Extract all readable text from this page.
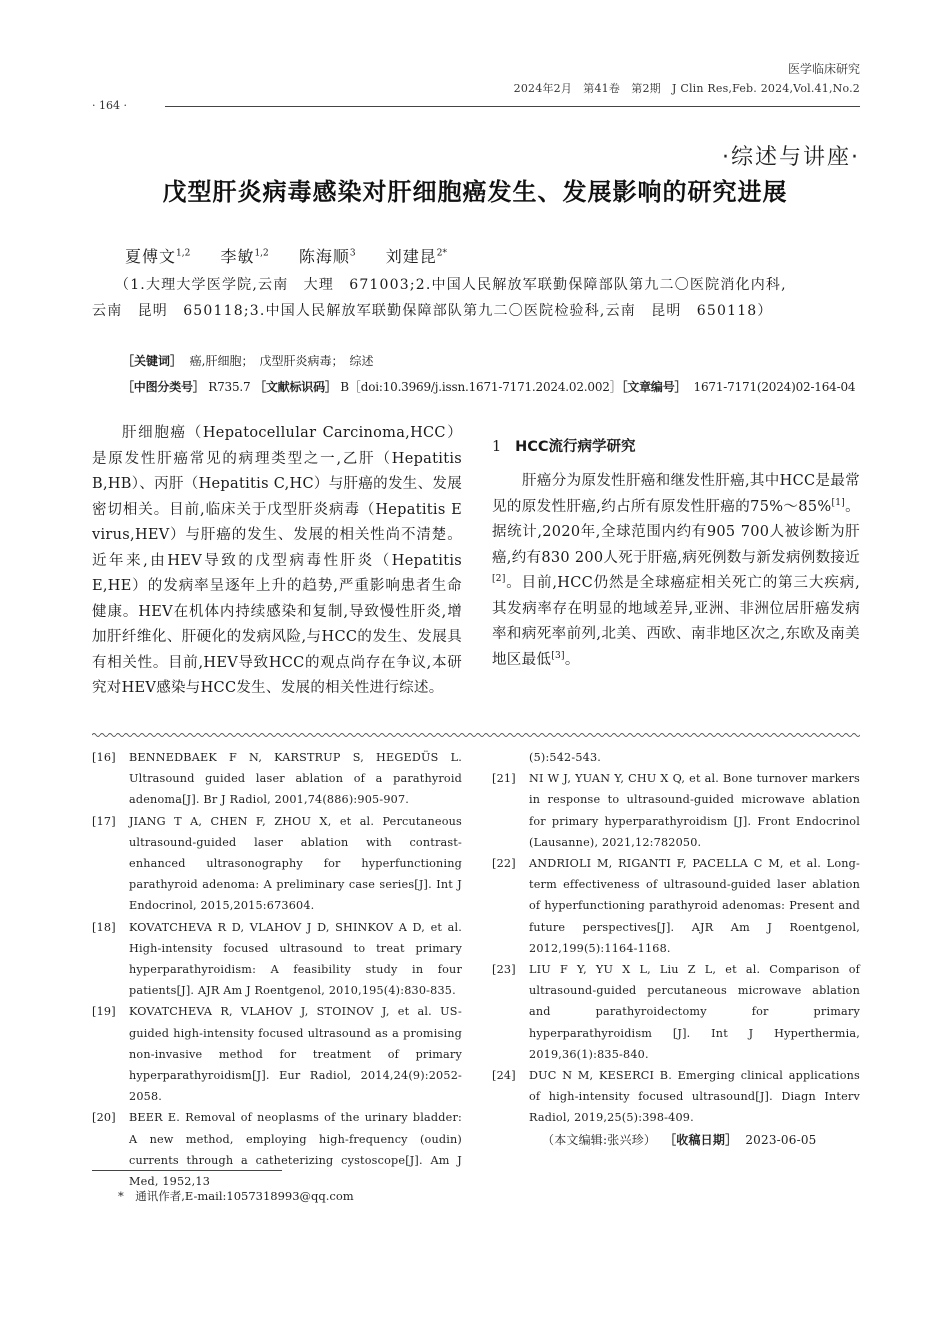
医学临床研究
2024年2月　第41卷　第2期　J Clin Res,Feb. 2024,Vol.41,No.2
· 164 ·
·综述与讲座·
戊型肝炎病毒感染对肝细胞癌发生、发展影响的研究进展
夏傅文$^{1,2}$ 李敏$^{1,2}$ 陈海顺$^3$ 刘建昆$^{2*}$
（1.大理大学医学院,云南　大理　671003;2.中国人民解放军联勤保障部队第九二〇医院消化内科,
云南　昆明　650118;3.中国人民解放军联勤保障部队第九二〇医院检验科,云南　昆明　650118）
［关键词］ 癌,肝细胞；　戊型肝炎病毒；　综述
［中图分类号］ R735.7 ［文献标识码］ B［doi:10.3969/j.issn.1671-7171.2024.02.002］［文章编号］ 1671-7171(2024)02-164-04
肝细胞癌（Hepatocellular Carcinoma,HCC）是原发性肝癌常见的病理类型之一,乙肝（Hepatitis B,HB）、丙肝（Hepatitis C,HC）与肝癌的发生、发展密切相关。目前,临床关于戊型肝炎病毒（Hepatitis E virus,HEV）与肝癌的发生、发展的相关性尚不清楚。近年来,由HEV导致的戊型病毒性肝炎（Hepatitis E,HE）的发病率呈逐年上升的趋势,严重影响患者生命健康。HEV在机体内持续感染和复制,导致慢性肝炎,增加肝纤维化、肝硬化的发病风险,与HCC的发生、发展具有相关性。目前,HEV导致HCC的观点尚存在争议,本研究对HEV感染与HCC发生、发展的相关性进行综述。
1 HCC流行病学研究
肝癌分为原发性肝癌和继发性肝癌,其中HCC是最常见的原发性肝癌,约占所有原发性肝癌的75%～85%[1]。据统计,2020年,全球范围内约有905 700人被诊断为肝癌,约有830 200人死于肝癌,病死例数与新发病例数接近[2]。目前,HCC仍然是全球癌症相关死亡的第三大疾病,其发病率存在明显的地域差异,亚洲、非洲位居肝癌发病率和病死率前列,北美、西欧、南非地区次之,东欧及南美地区最低[3]。
[16] BENNEDBAEK F N, KARSTRUP S, HEGEDÜS L. Ultrasound guided laser ablation of a parathyroid adenoma[J]. Br J Radiol, 2001,74(886):905-907.
[17] JIANG T A, CHEN F, ZHOU X, et al. Percutaneous ultrasound-guided laser ablation with contrast-enhanced ultrasonography for hyperfunctioning parathyroid adenoma: A preliminary case series[J]. Int J Endocrinol, 2015,2015:673604.
[18] KOVATCHEVA R D, VLAHOV J D, SHINKOV A D, et al. High-intensity focused ultrasound to treat primary hyperparathyroidism: A feasibility study in four patients[J]. AJR Am J Roentgenol, 2010,195(4):830-835.
[19] KOVATCHEVA R, VLAHOV J, STOINOV J, et al. US-guided high-intensity focused ultrasound as a promising non-invasive method for treatment of primary hyperparathyroidism[J]. Eur Radiol, 2014,24(9):2052-2058.
[20] BEER E. Removal of neoplasms of the urinary bladder: A new method, employing high-frequency (oudin) currents through a catheterizing cystoscope[J]. Am J Med, 1952,13
(5):542-543.
[21] NI W J, YUAN Y, CHU X Q, et al. Bone turnover markers in response to ultrasound-guided microwave ablation for primary hyperparathyroidism [J]. Front Endocrinol (Lausanne), 2021,12:782050.
[22] ANDRIOLI M, RIGANTI F, PACELLA C M, et al. Long-term effectiveness of ultrasound-guided laser ablation of hyperfunctioning parathyroid adenomas: Present and future perspectives[J]. AJR Am J Roentgenol, 2012,199(5):1164-1168.
[23] LIU F Y, YU X L, Liu Z L, et al. Comparison of ultrasound-guided percutaneous microwave ablation and parathyroidectomy for primary hyperparathyroidism [J]. Int J Hyperthermia, 2019,36(1):835-840.
[24] DUC N M, KESERCI B. Emerging clinical applications of high-intensity focused ultrasound[J]. Diagn Interv Radiol, 2019,25(5):398-409.
（本文编辑:张兴珍） ［收稿日期］ 2023-06-05
*　通讯作者,E-mail:1057318993@qq.com
